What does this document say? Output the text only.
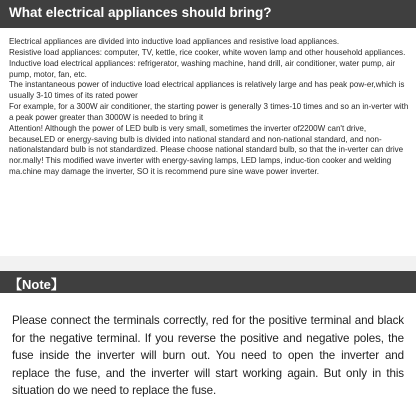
What electrical appliances should bring?

Electrical appliances are divided into inductive load appliances and resistive load appliances.

Resistive load appliances: computer, TV, kettle, rice cooker, white woven lamp and other household appliances.

Inductive load electrical appliances: refrigerator, washing machine, hand drill, air conditioner, water pump, air pump, motor, fan, etc.

The instantaneous power of inductive load electrical appliances is relatively large and has peak pow-er,which is usually 3-10 times of its rated power

For example, for a 300W air conditioner, the starting power is generally 3 times-10 times and so an in-verter with a peak power greater than 3000W is needed to bring it

Attention! Although the power of LED bulb is very small, sometimes the inverter of2200W can't drive, becauseLED or energy-saving bulb is divided into national standard and non-national standard, and non-nationalstandard bulb is not standardized. Please choose national standard bulb, so that the in-verter can drive nor.mally! This modified wave inverter with energy-saving lamps, LED lamps, induc-tion cooker and welding ma.chine may damage the inverter, SO it is recommend pure sine wave power inverter.

【Note】
Please connect the terminals correctly, red for the positive terminal and black for the negative terminal. If you reverse the positive and negative poles, the fuse inside the inverter will burn out. You need to open the inverter and replace the fuse, and the inverter will start working again. But only in this situation do we need to replace the fuse.
